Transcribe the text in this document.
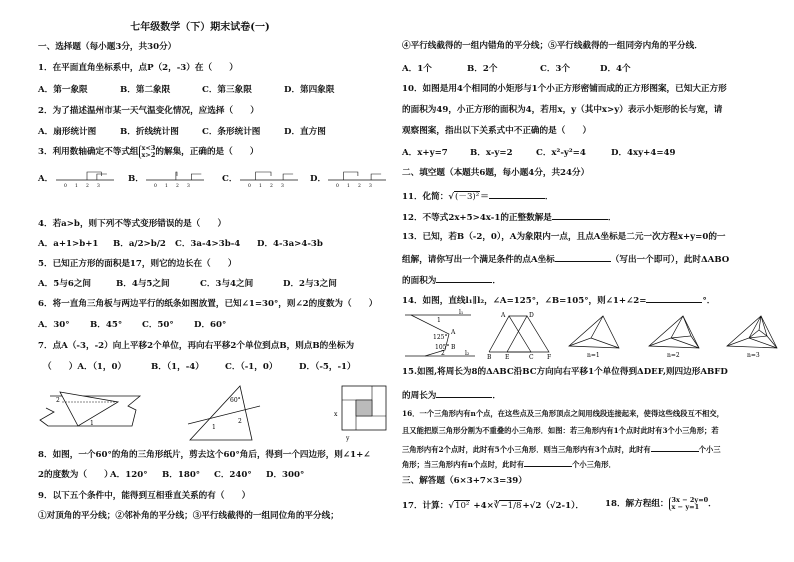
七年级数学（下）期末试卷(一)
一、选择题（每小题3分，共30分）
1．在平面直角坐标系中，点P（2，-3）在（　　）
A．第一象限	B．第二象限	C．第三象限	D．第四象限
2．为了描述温州市某一天气温变化情况，应选择（　　）
A．扇形统计图	B．折线统计图	C．条形统计图	D．直方图
3．利用数轴确定不等式组 x<3
x>2的解集，正确的是（　　）
A．
0 1 2 3
B．
0 1 2 3
C．
0 1 2 3
D．
0 1 2 3
4．若a>b，则下列不等式变形错误的是（　　）
A．a+1>b+1 B．a/2>b/2 C．3a-4>3b-4 D．4-3a>4-3b
5．已知正方形的面积是17，则它的边长在（　　）
A．5与6之间	B．4与5之间	C．3与4之间	D．2与3之间
6．将一直角三角板与两边平行的纸条如图放置，已知∠1=30°，则∠2的度数为（　　）
A．30° B．45° C．50° D．60°
7．点A（-3，-2）向上平移2个单位，再向右平移2个单位到点B，则点B的坐标为
（　　）A．（1，0）	B．（1，-4） C．（-1，0）	D．（-5，-1）
2
1
60°
1
2
x
y
8．如图，一个60°的角的三角形纸片，剪去这个60°角后，得到一个四边形，则∠1+∠
2的度数为（　　）A．120° B．180° C．240° D．300°
9．以下五个条件中，能得到互相垂直关系的有（　　）
①对顶角的平分线；②邻补角的平分线；③平行线截得的一组同位角的平分线；
④平行线截得的一组内错角的平分线；⑤平行线截得的一组同旁内角的平分线．
A．1个	B．2个	C．3个	D．4个
10．如图是用4个相同的小矩形与1个小正方形密铺而成的正方形图案，已知大正方形
的面积为49，小正方形的面积为4，若用x，y（其中x>y）表示小矩形的长与宽，请
观察图案，指出以下关系式中不正确的是（　　）
A．x+y=7	B．x-y=2	C．x²-y²=4	D．4xy+4=49
二、填空题（本题共6题，每小题4分，共24分）
11．化简：√(－3)²＝	．
12．不等式2x+5>4x-1的正整数解是	．
13．已知，若B（-2，0），A为象限内一点，且点A坐标是二元一次方程x+y=0的一
组解，请你写出一个满足条件的点A坐标	（写出一个即可），此时ΔABO
的面积为	．
14．如图，直线l₁∥l₂，∠A=125°，∠B=105°，则∠1+∠2=	°．
l₁
A
125°
105° B
l₂
1
2
A	D
B E	C F	n=1	n=2	n=3
15.如图,将周长为8的ΔABC沿BC方向向右平移1个单位得到ΔDEF,则四边形ABFD
的周长为	．
16．一个三角形内有n个点，在这些点及三角形顶点之间用线段连接起来，使得这些线段互不相交，
且又能把原三角形分割为不重叠的小三角形．如图：若三角形内有1个点时此时有3个小三角形；若
三角形内有2个点时，此时有5个小三角形．则当三角形内有3个点时，此时有	个小三
角形；当三角形内有n个点时，此时有	个小三角形．
三、解答题（6×3+7×3=39）
17．计算：√10² +4×∛−1/8+√2（√2-1）． 18．解方程组： 3x − 2y=0
x − y=1 ．
